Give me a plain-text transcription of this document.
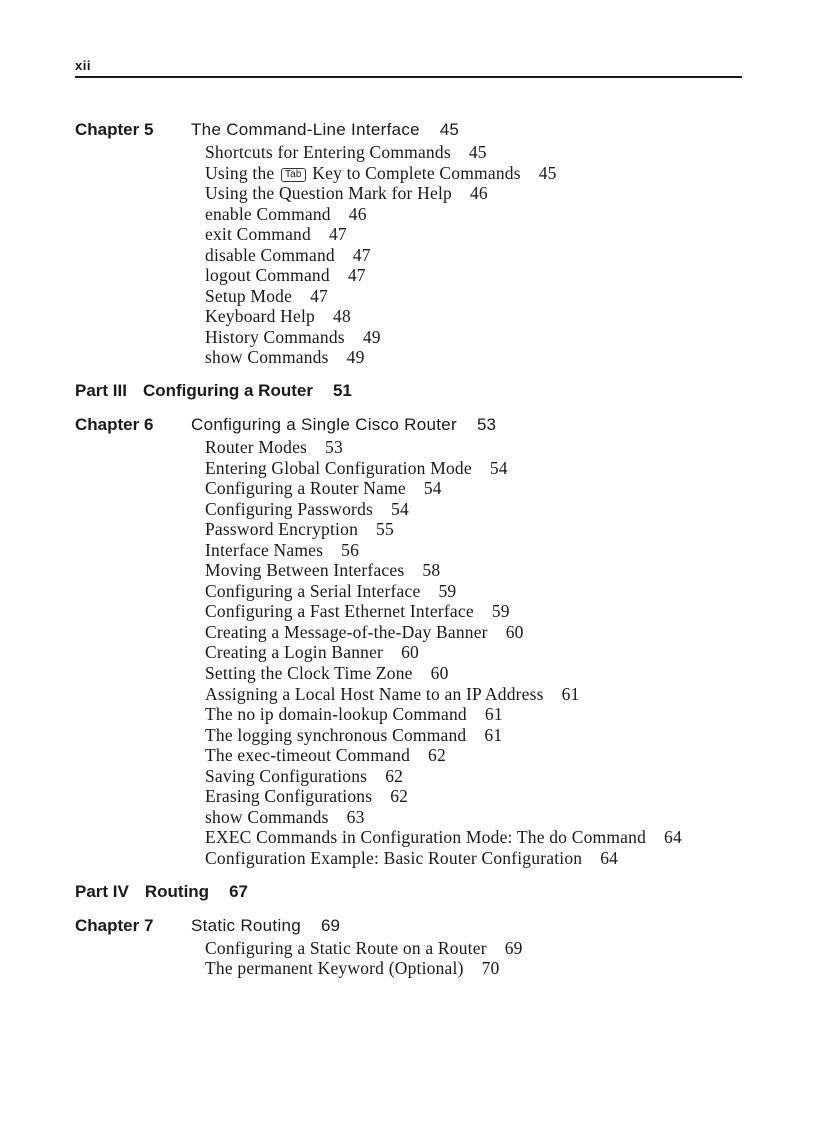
xii
Chapter 5 The Command-Line Interface 45
Shortcuts for Entering Commands 45
Using the Tab Key to Complete Commands 45
Using the Question Mark for Help 46
enable Command 46
exit Command 47
disable Command 47
logout Command 47
Setup Mode 47
Keyboard Help 48
History Commands 49
show Commands 49
Part III Configuring a Router 51
Chapter 6 Configuring a Single Cisco Router 53
Router Modes 53
Entering Global Configuration Mode 54
Configuring a Router Name 54
Configuring Passwords 54
Password Encryption 55
Interface Names 56
Moving Between Interfaces 58
Configuring a Serial Interface 59
Configuring a Fast Ethernet Interface 59
Creating a Message-of-the-Day Banner 60
Creating a Login Banner 60
Setting the Clock Time Zone 60
Assigning a Local Host Name to an IP Address 61
The no ip domain-lookup Command 61
The logging synchronous Command 61
The exec-timeout Command 62
Saving Configurations 62
Erasing Configurations 62
show Commands 63
EXEC Commands in Configuration Mode: The do Command 64
Configuration Example: Basic Router Configuration 64
Part IV Routing 67
Chapter 7 Static Routing 69
Configuring a Static Route on a Router 69
The permanent Keyword (Optional) 70
